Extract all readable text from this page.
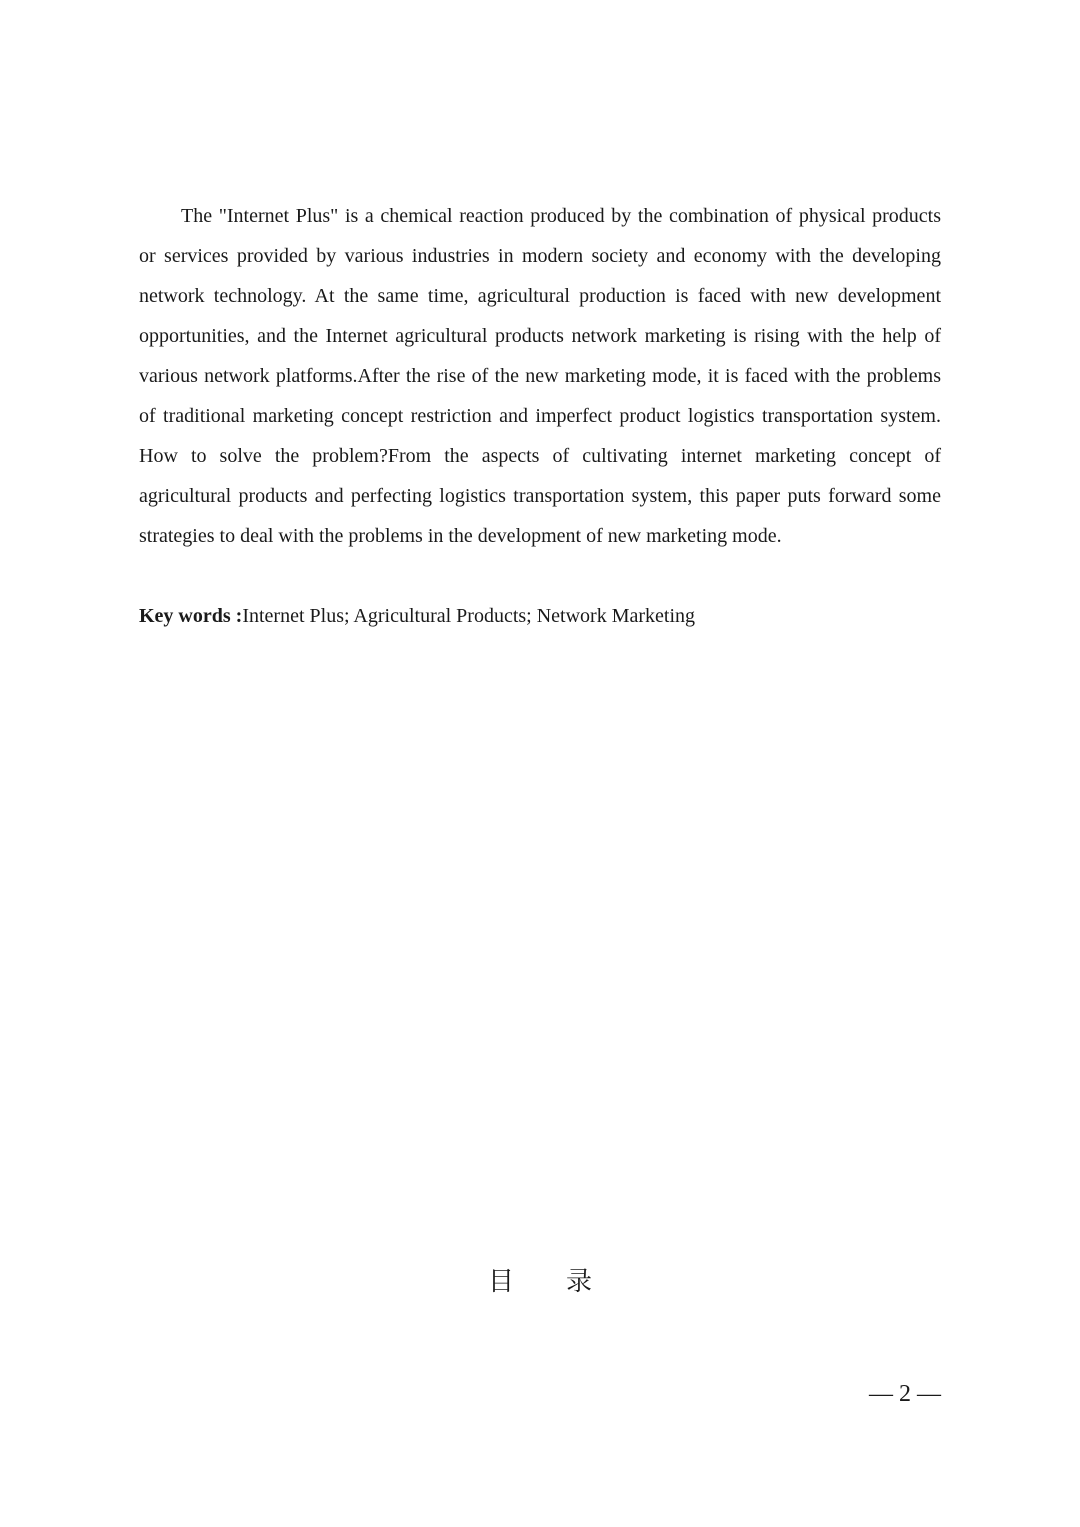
The "Internet Plus" is a chemical reaction produced by the combination of physical products or services provided by various industries in modern society and economy with the developing network technology. At the same time, agricultural production is faced with new development opportunities, and the Internet agricultural products network marketing is rising with the help of various network platforms.After the rise of the new marketing mode, it is faced with the problems of traditional marketing concept restriction and imperfect product logistics transportation system. How to solve the problem?From the aspects of cultivating internet marketing concept of agricultural products and perfecting logistics transportation system, this paper puts forward some strategies to deal with the problems in the development of new marketing mode.

Key words :Internet Plus; Agricultural Products; Network Marketing

目录
— 2 —
